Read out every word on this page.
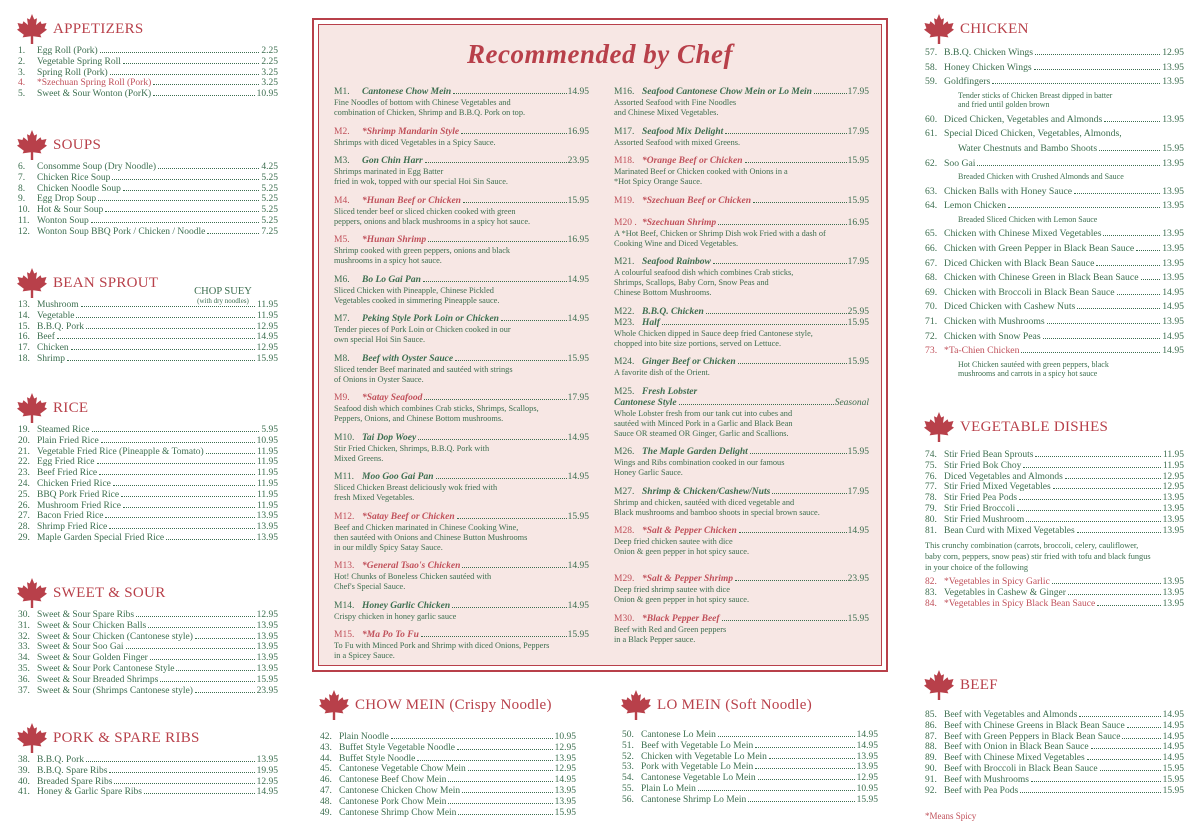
APPETIZERS
1.	Egg Roll (Pork)	2.25
2.	Vegetable Spring Roll	2.25
3.	Spring Roll (Pork)	3.25
4.	*Szechuan Spring Roll (Pork)	3.25
5.	Sweet & Sour Wonton (PorK)	10.95
SOUPS
6.	Consomme Soup (Dry Noodle)	4.25
7.	Chicken Rice Soup	5.25
8.	Chicken Noodle Soup	5.25
9.	Egg Drop Soup	5.25
10. Hot & Sour Soup	5.25
11. Wonton Soup	5.25
12. Wonton Soup BBQ Pork / Chicken / Noodle	7.25
BEAN SPROUT
13. Mushroom	11.95
14. Vegetable	11.95
15. B.B.Q. Pork	12.95
16. Beef	14.95
17. Chicken	12.95
18. Shrimp	15.95
RICE
19. Steamed Rice	5.95
20. Plain Fried Rice	10.95
21. Vegetable Fried Rice (Pineapple & Tomato)	11.95
22. Egg Fried Rice	11.95
23. Beef Fried Rice	11.95
24. Chicken Fried Rice	11.95
25. BBQ Pork Fried Rice	11.95
26. Mushroom Fried Rice	11.95
27. Bacon Fried Rice	13.95
28. Shrimp Fried Rice	13.95
29. Maple Garden Special Fried Rice	13.95
SWEET & SOUR
30. Sweet & Sour Spare Ribs	12.95
31. Sweet & Sour Chicken Balls	13.95
32. Sweet & Sour Chicken (Cantonese style)	13.95
33. Sweet & Sour Soo Gai	13.95
34. Sweet & Sour Golden Finger	13.95
35. Sweet & Sour Pork Cantonese Style	13.95
36. Sweet & Sour Breaded Shrimps	15.95
37. Sweet & Sour (Shrimps Cantonese style)	23.95
PORK & SPARE RIBS
38. B.B.Q. Pork	13.95
39. B.B.Q. Spare Ribs	19.95
40. Breaded Spare Ribs	12.95
41. Honey & Garlic Spare Ribs	14.95
CHOP SUEY
(with dry noodles)
Recommended by Chef
M1.	Cantonese Chow Mein	14.95
Fine Noodles of bottom with Chinese Vegetables and
combination of Chicken, Shrimp and B.B.Q. Pork on top.
M2.	*Shrimp Mandarin Style	16.95
Shrimps with diced Vegetables in a Spicy Sauce.
M3.	Gon Chin Harr	23.95
Shrimps marinated in Egg Batter
fried in wok, topped with our special Hoi Sin Sauce.
M4.	*Hunan Beef or Chicken	15.95
Sliced tender beef or sliced chicken cooked with green
peppers, onions and black mushrooms in a spicy hot sauce.
M5.	*Hunan Shrimp	16.95
Shrimp cooked with green peppers, onions and black
mushrooms in a spicy hot sauce.
M6.	Bo Lo Gai Pan	14.95
Sliced Chicken with Pineapple, Chinese Pickled
Vegetables cooked in simmering Pineapple sauce.
M7.	Peking Style Pork Loin or Chicken	14.95
Tender pieces of Pork Loin or Chicken cooked in our
own special Hoi Sin Sauce.
M8.	Beef with Oyster Sauce	15.95
Sliced tender Beef marinated and sautéed with strings
of Onions in Oyster Sauce.
M9.	*Satay Seafood	17.95
Seafood dish which combines Crab sticks, Shrimps, Scallops,
Peppers, Onions, and Chinese Bottom mushrooms.
M10. Tai Dop Woey	14.95
Stir Fried Chicken, Shrimps, B.B.Q. Pork with
Mixed Greens.
M11. Moo Goo Gai Pan	14.95
Sliced Chicken Breast deliciously wok fried with
fresh Mixed Vegetables.
M12. *Satay Beef or Chicken	15.95
Beef and Chicken marinated in Chinese Cooking Wine,
then sautéed with Onions and Chinese Button Mushrooms
in our mildly Spicy Satay Sauce.
M13. *General Tsao's Chicken	14.95
Hot! Chunks of Boneless Chicken sautéed with
Chef's Special Sauce.
M14. Honey Garlic Chicken	14.95
Crispy chicken in honey garlic sauce
M15. *Ma Po To Fu	15.95
To Fu with Minced Pork and Shrimp with diced Onions, Peppers
in a Spicey Sauce.
M16. Seafood Cantonese Chow Mein or Lo Mein	17.95
Assorted Seafood with Fine Noodles
and Chinese Mixed Vegetables.
M17. Seafood Mix Delight	17.95
Assorted Seafood with mixed Greens.
M18. *Orange Beef or Chicken	15.95
Marinated Beef or Chicken cooked with Onions in a
*Hot Spicy Orange Sauce.
M19. *Szechuan Beef or Chicken	15.95
M20 . *Szechuan Shrimp	16.95
A *Hot Beef, Chicken or Shrimp Dish wok Fried with a dash of
Cooking Wine and Diced Vegetables.
M21. Seafood Rainbow	17.95
A colourful seafood dish which combines Crab sticks,
Shrimps, Scallops, Baby Corn, Snow Peas and
Chinese Bottom Mushrooms.
M22. B.B.Q. Chicken	25.95
M23. Half	15.95
Whole Chicken dipped in Sauce deep fried Cantonese style,
chopped into bite size portions, served on Lettuce.
M24. Ginger Beef or Chicken	15.95
A favorite dish of the Orient.
M25. Fresh Lobster
Cantonese Style	Seasonal
Whole Lobster fresh from our tank cut into cubes and
sautéed with Minced Pork in a Garlic and Black Bean
Sauce OR steamed OR Ginger, Garlic and Scallions.
M26. The Maple Garden Delight	15.95
Wings and Ribs combination cooked in our famous
Honey Garlic Sauce.
M27. Shrimp & Chicken/Cashew/Nuts	17.95
Shrimp and chicken, sautéed with diced vegetable and
Black mushrooms and bamboo shoots in special brown sauce.
M28. *Salt & Pepper Chicken	14.95
Deep fried chicken sautee with dice
Onion & geen pepper in hot spicy sauce.
M29. *Salt & Pepper Shrimp	23.95
Deep fried shrimp sautee with dice
Onion & geen pepper in hot spicy sauce.
M30. *Black Pepper Beef	15.95
Beef with Red and Green peppers
in a Black Pepper sauce.
CHOW MEIN (Crispy Noodle)
42. Plain Noodle	10.95
43. Buffet Style Vegetable Noodle	12.95
44. Buffet Style Noodle	13.95
45. Cantonese Vegetable Chow Mein	12.95
46. Cantonese Beef Chow Mein	14.95
47. Cantonese Chicken Chow Mein	13.95
48. Cantonese Pork Chow Mein	13.95
49. Cantonese Shrimp Chow Mein	15.95
LO MEIN (Soft Noodle)
50. Cantonese Lo Mein	14.95
51. Beef with Vegetable Lo Mein	14.95
52. Chicken with Vegetable Lo Mein	13.95
53. Pork with Vegetable Lo Mein	13.95
54. Cantonese Vegetable Lo Mein	12.95
55. Plain Lo Mein	10.95
56. Cantonese Shrimp Lo Mein	15.95
CHICKEN
57. B.B.Q. Chicken Wings	12.95
58. Honey Chicken Wings	13.95
59. Goldfingers	13.95
Tender sticks of Chicken Breast dipped in batter
and fried until golden brown
60. Diced Chicken, Vegetables and Almonds	13.95
61. Special Diced Chicken, Vegetables, Almonds,
Water Chestnuts and Bambo Shoots	15.95
62. Soo Gai	13.95
Breaded Chicken with Crushed Almonds and Sauce
63. Chicken Balls with Honey Sauce	13.95
64. Lemon Chicken	13.95
Breaded Sliced Chicken with Lemon Sauce
65. Chicken with Chinese Mixed Vegetables	13.95
66. Chicken with Green Pepper in Black Bean Sauce	13.95
67. Diced Chicken with Black Bean Sauce	13.95
68. Chicken with Chinese Green in Black Bean Sauce 13.95
69. Chicken with Broccoli in Black Bean Sauce	14.95
70. Diced Chicken with Cashew Nuts	14.95
71. Chicken with Mushrooms	13.95
72. Chicken with Snow Peas	14.95
73. *Ta-Chien Chicken	14.95
Hot Chicken sautéed with green peppers, black
mushrooms and carrots in a spicy hot sauce
VEGETABLE DISHES
74. Stir Fried Bean Sprouts	11.95
75. Stir Fried Bok Choy	11.95
76. Diced Vegetables and Almonds	12.95
77. Stir Fried Mixed Vegetables	12.95
78. Stir Fried Pea Pods	13.95
79. Stir Fried Broccoli	13.95
80. Stir Fried Mushroom	13.95
81. Bean Curd with Mixed Vegetables	13.95
This crunchy combination (carrots, broccoli, celery, cauliflower,
baby corn, peppers, snow peas) stir fried with tofu and black fungus
in your choice of the following
82. *Vegetables in Spicy Garlic	13.95
83. Vegetables in Cashew & Ginger	13.95
84. *Vegetables in Spicy Black Bean Sauce	13.95
BEEF
85. Beef with Vegetables and Almonds	14.95
86. Beef with Chinese Greens in Black Bean Sauce	14.95
87. Beef with Green Peppers in Black Bean Sauce	14.95
88. Beef with Onion in Black Bean Sauce	14.95
89. Beef with Chinese Mixed Vegetables	14.95
90. Beef with Broccoli in Black Bean Sauce	15.95
91. Beef with Mushrooms	15.95
92. Beef with Pea Pods	15.95
*Means Spicy
